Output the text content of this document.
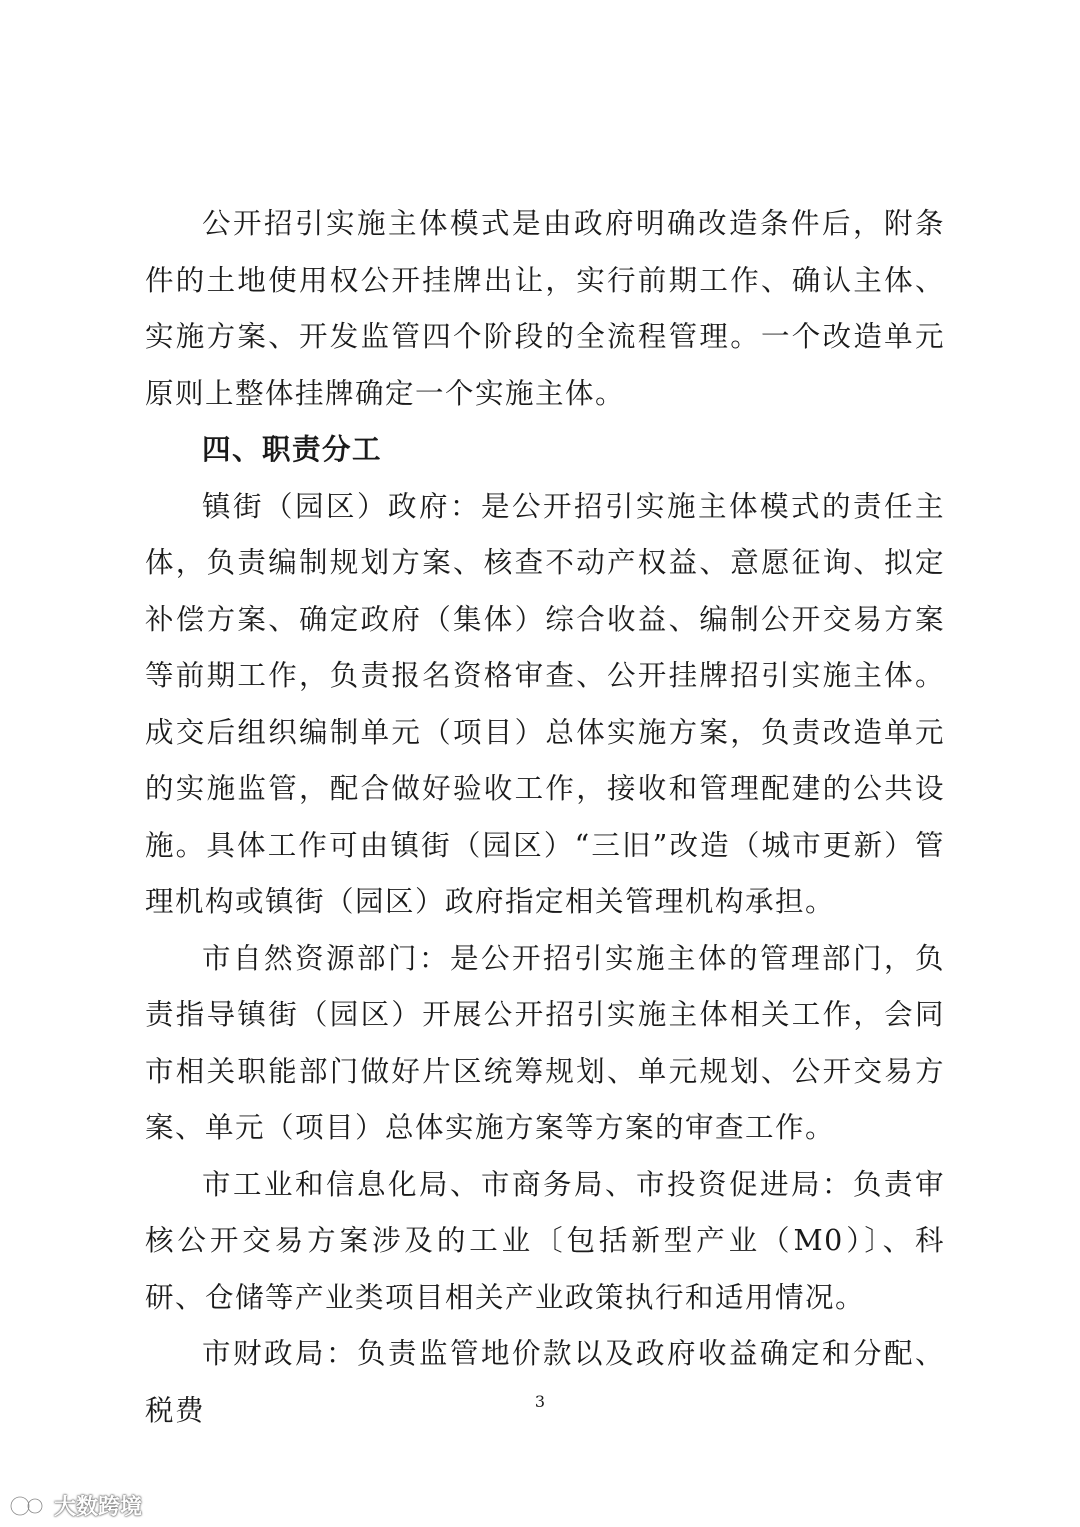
公开招引实施主体模式是由政府明确改造条件后，附条件的土地使用权公开挂牌出让，实行前期工作、确认主体、实施方案、开发监管四个阶段的全流程管理。一个改造单元原则上整体挂牌确定一个实施主体。

四、职责分工

镇街（园区）政府：是公开招引实施主体模式的责任主体，负责编制规划方案、核查不动产权益、意愿征询、拟定补偿方案、确定政府（集体）综合收益、编制公开交易方案等前期工作，负责报名资格审查、公开挂牌招引实施主体。成交后组织编制单元（项目）总体实施方案，负责改造单元的实施监管，配合做好验收工作，接收和管理配建的公共设施。具体工作可由镇街（园区）“三旧”改造（城市更新）管理机构或镇街（园区）政府指定相关管理机构承担。

市自然资源部门：是公开招引实施主体的管理部门，负责指导镇街（园区）开展公开招引实施主体相关工作，会同市相关职能部门做好片区统筹规划、单元规划、公开交易方案、单元（项目）总体实施方案等方案的审查工作。

市工业和信息化局、市商务局、市投资促进局：负责审核公开交易方案涉及的工业〔包括新型产业（M0）〕、科研、仓储等产业类项目相关产业政策执行和适用情况。

市财政局：负责监管地价款以及政府收益确定和分配、税费	3
大数跨境
